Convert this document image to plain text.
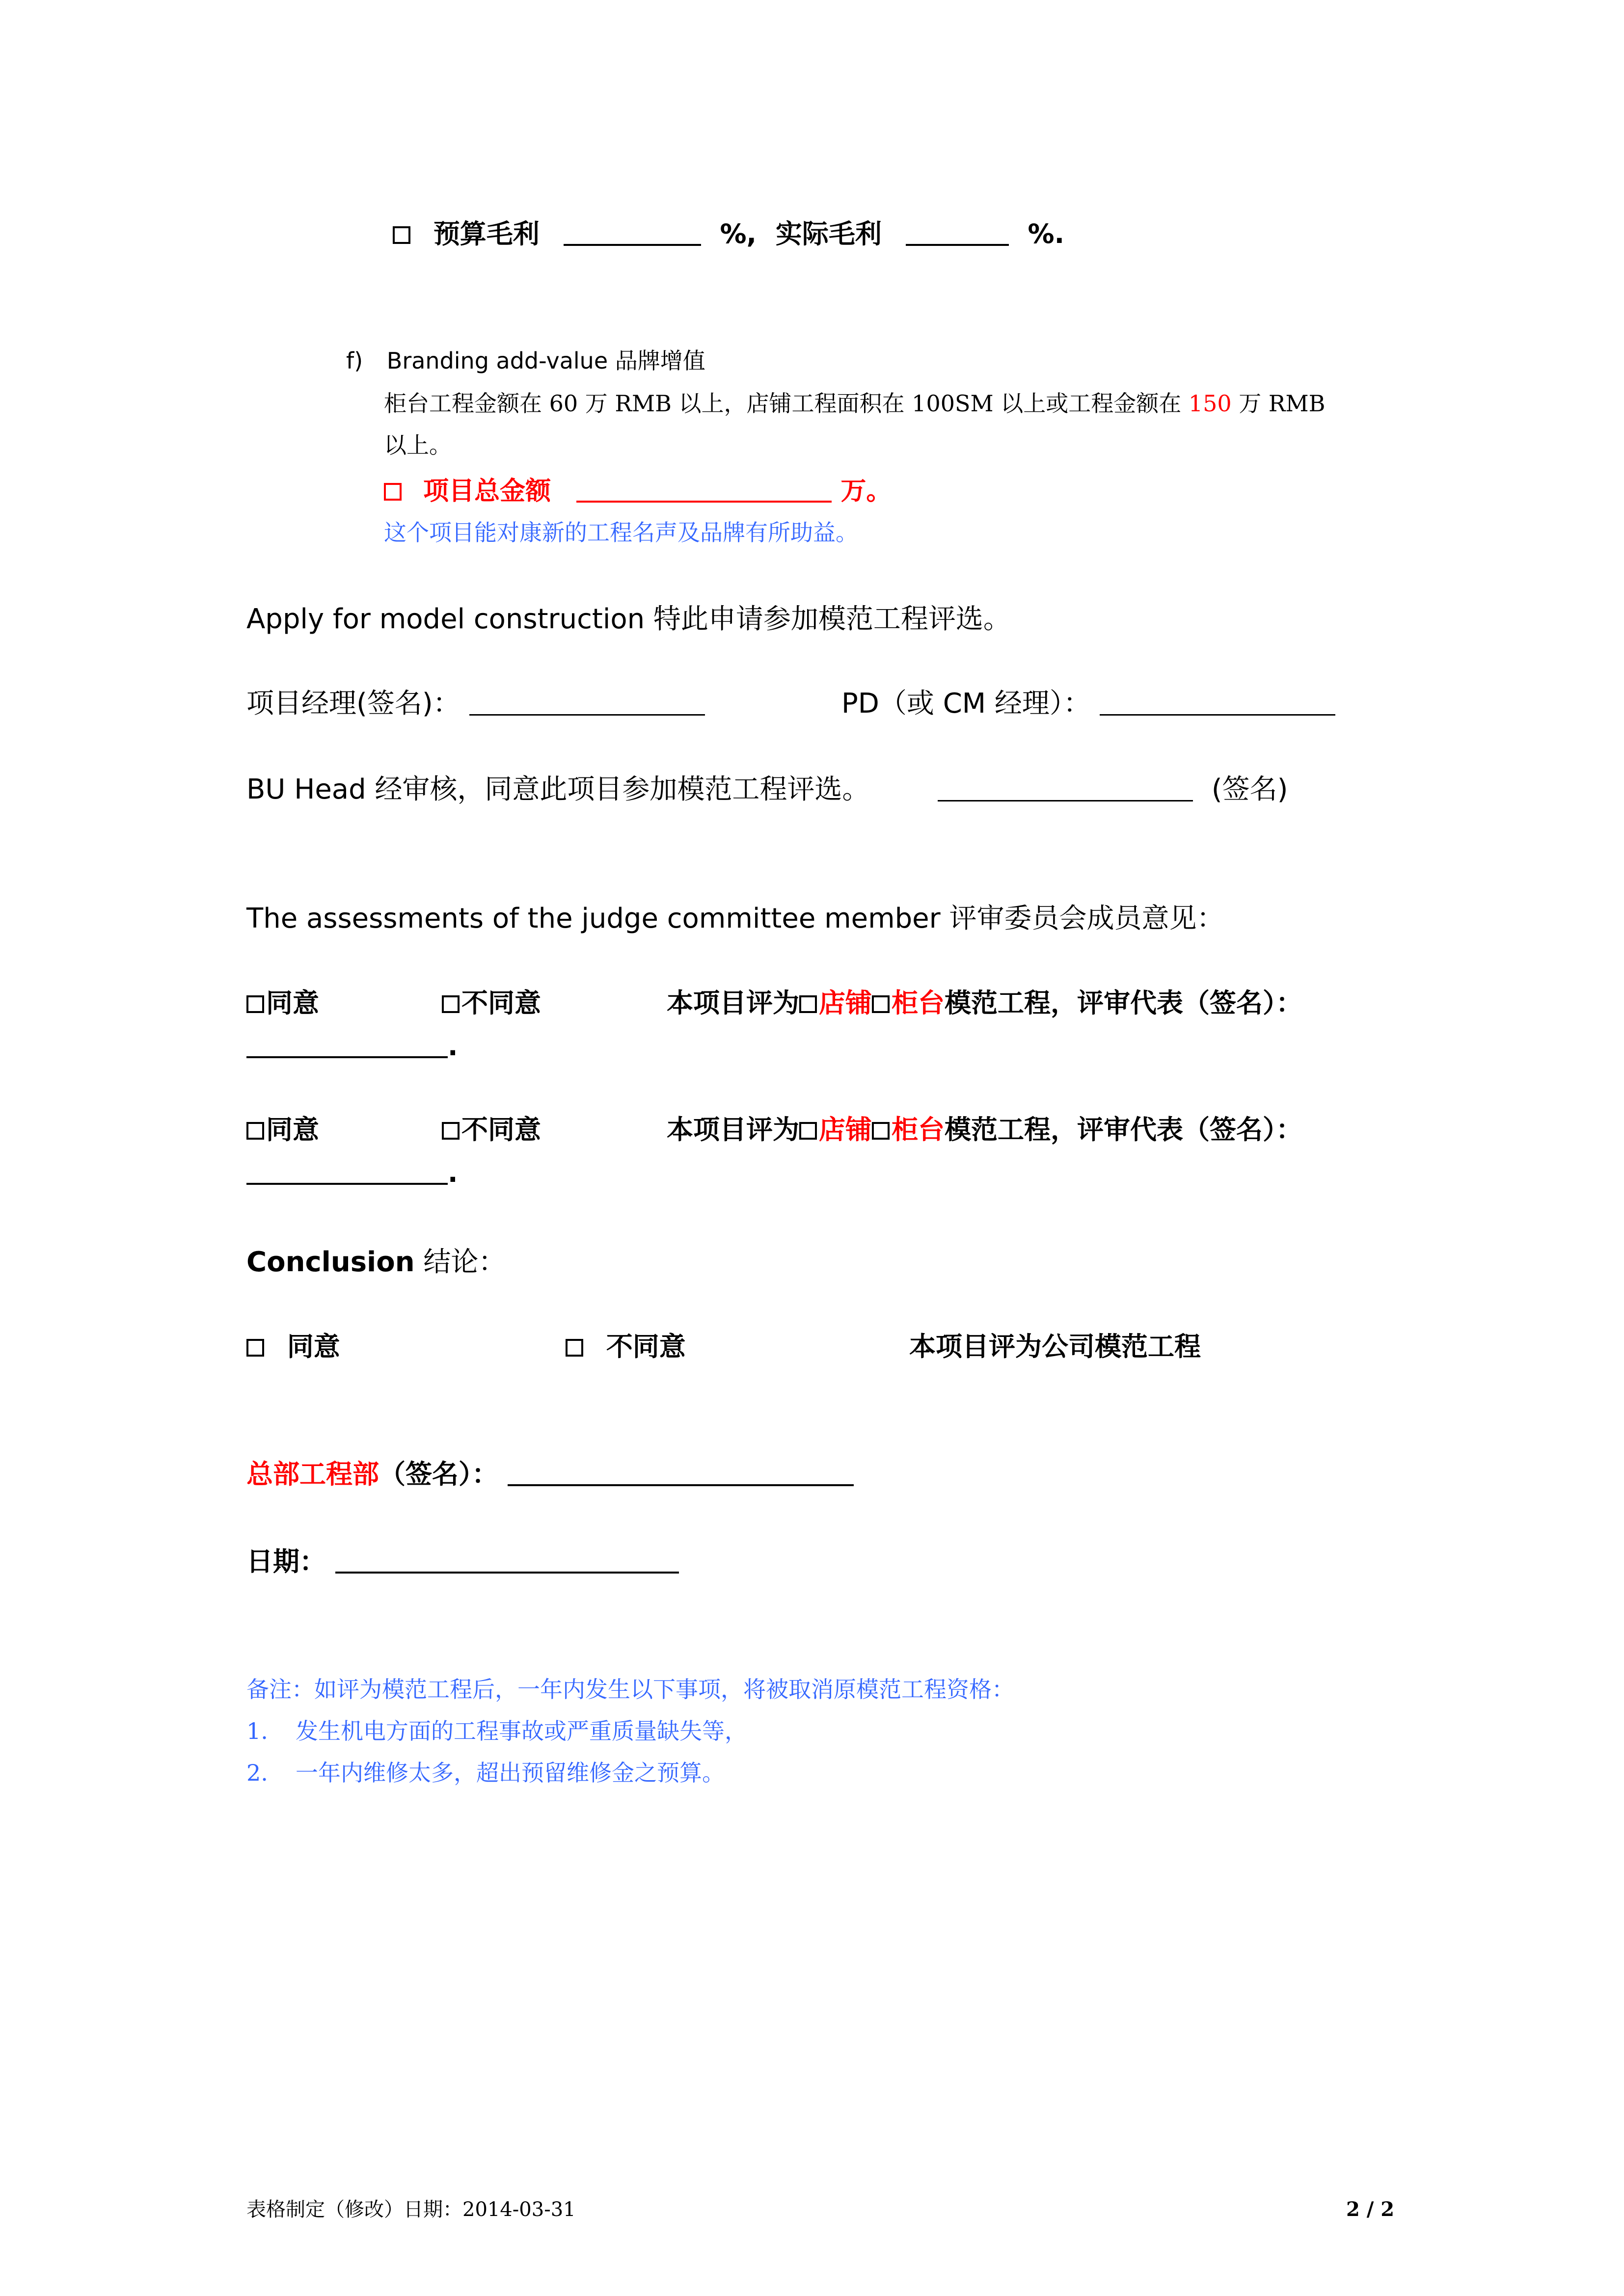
预算毛利	%, 实际毛利	%.
f) Branding add-value 品牌增值
柜台工程金额在 60 万 RMB 以上，店铺工程面积在 100SM 以上或工程金额在 150 万 RMB
以上。
项目总金额	万。
这个项目能对康新的工程名声及品牌有所助益。
Apply for model construction 特此申请参加模范工程评选。
项目经理(签名)：	PD（或 CM 经理）：
BU Head 经审核，同意此项目参加模范工程评选。	(签名)
The assessments of the judge committee member 评审委员会成员意见：
同意	不同意	本项目评为 店铺 柜台模范工程，评审代表（签名）：
.
同意	不同意	本项目评为 店铺 柜台模范工程，评审代表（签名）：
.
Conclusion 结论：
同意	不同意	本项目评为公司模范工程
总部工程部（签名）：
日期：
备注：如评为模范工程后，一年内发生以下事项，将被取消原模范工程资格：
1. 发生机电方面的工程事故或严重质量缺失等，
2. 一年内维修太多，超出预留维修金之预算。
表格制定（修改）日期：2014-03-31	2 / 2
